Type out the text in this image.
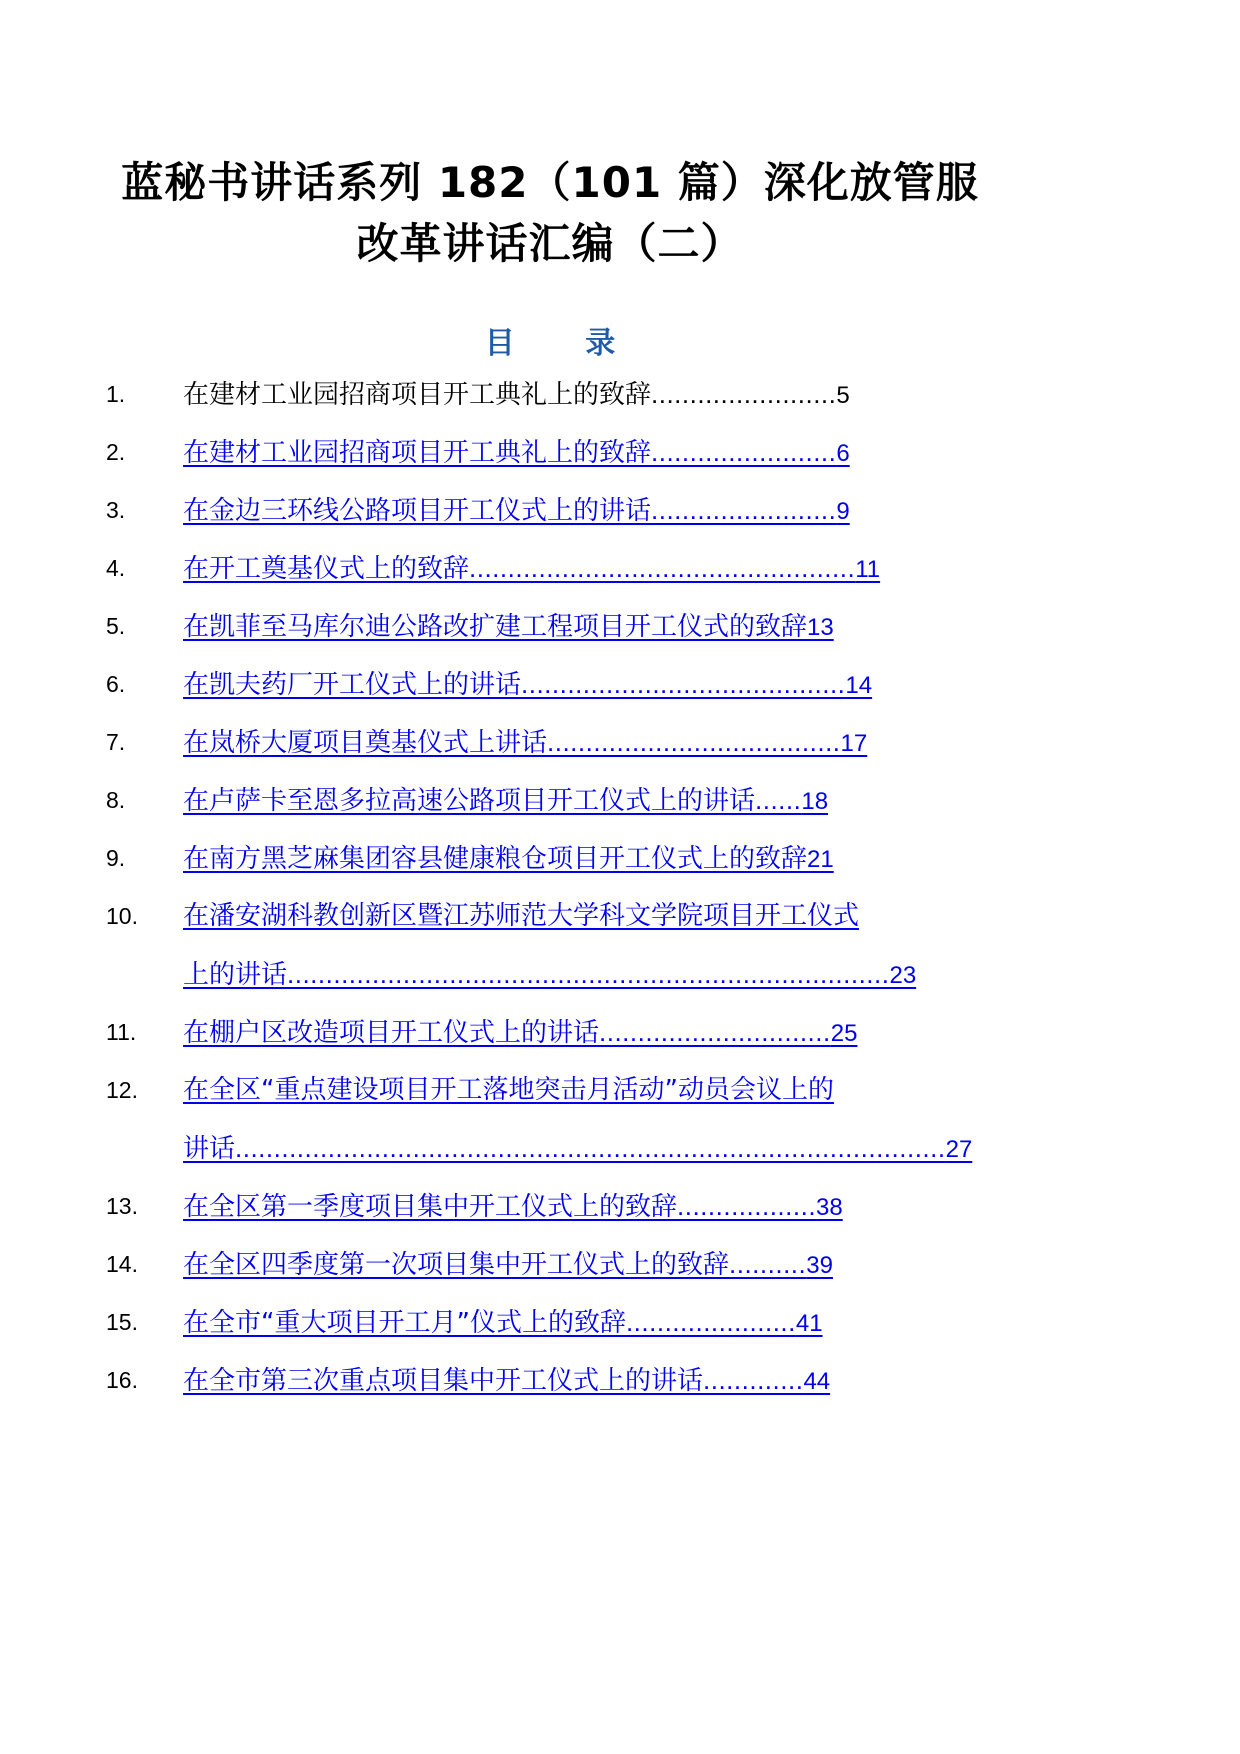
蓝秘书讲话系列 182（101 篇）深化放管服
改革讲话汇编（二）
目 录
1. 在建材工业园招商项目开工典礼上的致辞........................5
2. 在建材工业园招商项目开工典礼上的致辞........................6
3. 在金边三环线公路项目开工仪式上的讲话........................9
4. 在开工奠基仪式上的致辞..................................................11
5. 在凯菲至马库尔迪公路改扩建工程项目开工仪式的致辞13
6. 在凯夫药厂开工仪式上的讲话..........................................14
7. 在岚桥大厦项目奠基仪式上讲话......................................17
8. 在卢萨卡至恩多拉高速公路项目开工仪式上的讲话......18
9. 在南方黑芝麻集团容县健康粮仓项目开工仪式上的致辞21
10. 在潘安湖科教创新区暨江苏师范大学科文学院项目开工仪式
上的讲话..............................................................................23
11. 在棚户区改造项目开工仪式上的讲话..............................25
12. 在全区“重点建设项目开工落地突击月活动”动员会议上的
讲话............................................................................................27
13. 在全区第一季度项目集中开工仪式上的致辞..................38
14. 在全区四季度第一次项目集中开工仪式上的致辞..........39
15. 在全市“重大项目开工月”仪式上的致辞......................41
16. 在全市第三次重点项目集中开工仪式上的讲话.............44
